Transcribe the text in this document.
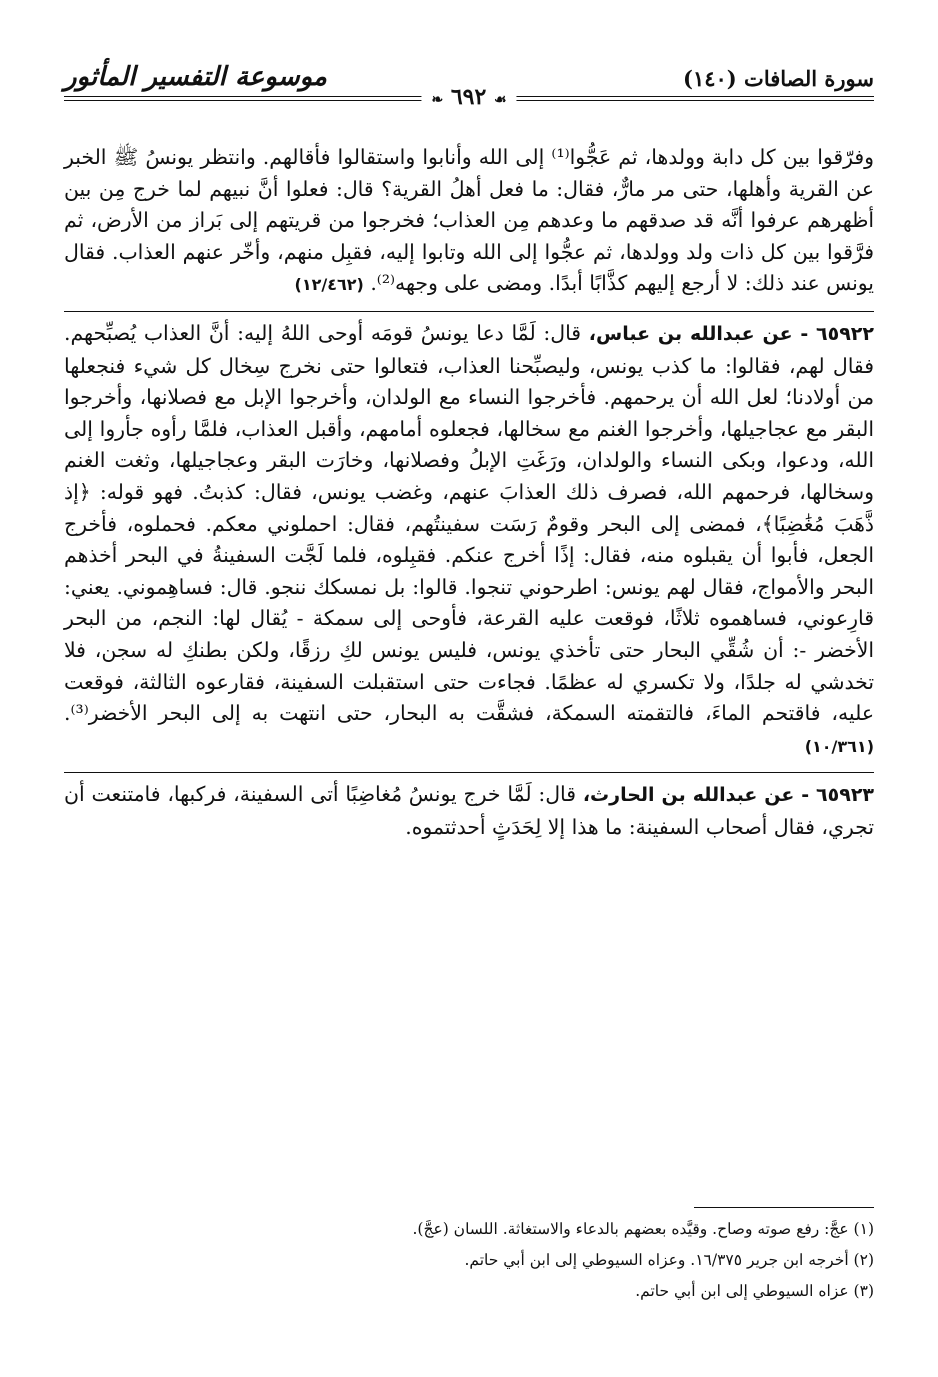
موسوعة التفسير المأثور	سورة الصافات (١٤٠)
☙ ٦٩٢ ❧

وفرّقوا بين كل دابة وولدها، ثم عَجُّوا⁽¹⁾ إلى الله وأنابوا واستقالوا فأقالهم. وانتظر يونسُ ﷺ الخبر عن القرية وأهلها، حتى مر مارٌّ، فقال: ما فعل أهلُ القرية؟ قال: فعلوا أنَّ نبيهم لما خرج مِن بين أظهرهم عرفوا أنَّه قد صدقهم ما وعدهم مِن العذاب؛ فخرجوا من قريتهم إلى بَراز من الأرض، ثم فرَّقوا بين كل ذات ولد وولدها، ثم عجُّوا إلى الله وتابوا إليه، فقبِل منهم، وأخّر عنهم العذاب. فقال يونس عند ذلك: لا أرجع إليهم كذَّابًا أبدًا. ومضى على وجهه⁽²⁾. (١٢/٤٦٢)

٦٥٩٢٢ - عن عبدالله بن عباس، قال: لَمَّا دعا يونسُ قومَه أوحى اللهُ إليه: أنَّ العذاب يُصبِّحهم. فقال لهم، فقالوا: ما كذب يونس، وليصبِّحنا العذاب، فتعالوا حتى نخرج سِخال كل شيء فنجعلها من أولادنا؛ لعل الله أن يرحمهم. فأخرجوا النساء مع الولدان، وأخرجوا الإبل مع فصلانها، وأخرجوا البقر مع عجاجيلها، وأخرجوا الغنم مع سخالها، فجعلوه أمامهم، وأقبل العذاب، فلمَّا رأوه جأروا إلى الله، ودعوا، وبكى النساء والولدان، ورَغَتِ الإبلُ وفصلانها، وخارَت البقر وعجاجيلها، وثغت الغنم وسخالها، فرحمهم الله، فصرف ذلك العذابَ عنهم، وغضب يونس، فقال: كذبتُ. فهو قوله: ﴿إذ ذَّهَبَ مُغَٰضِبًا﴾، فمضى إلى البحر وقومٌ رَسَت سفينتُهم، فقال: احملوني معكم. فحملوه، فأخرج الجعل، فأبوا أن يقبلوه منه، فقال: إذًا أخرج عنكم. فقبِلوه، فلما لَجَّت السفينةُ في البحر أخذهم البحر والأمواج، فقال لهم يونس: اطرحوني تنجوا. قالوا: بل نمسكك ننجو. قال: فساهِموني. يعني: قارِعوني، فساهموه ثلاثًا، فوقعت عليه القرعة، فأوحى إلى سمكة - يُقال لها: النجم، من البحر الأخضر -: أن شُقِّي البحار حتى تأخذي يونس، فليس يونس لكِ رزقًا، ولكن بطنكِ له سجن، فلا تخدشي له جلدًا، ولا تكسري له عظمًا. فجاءت حتى استقبلت السفينة، فقارعوه الثالثة، فوقعت عليه، فاقتحم الماءَ، فالتقمته السمكة، فشقَّت به البحار، حتى انتهت به إلى البحر الأخضر⁽³⁾. (١٠/٣٦١)

٦٥٩٢٣ - عن عبدالله بن الحارث، قال: لَمَّا خرج يونسُ مُغاضِبًا أتى السفينة، فركبها، فامتنعت أن تجري، فقال أصحاب السفينة: ما هذا إلا لِحَدَثٍ أحدثتموه.

(١) عجَّ: رفع صوته وصاح. وقيَّده بعضهم بالدعاء والاستغاثة. اللسان (عجَّ).

(٢) أخرجه ابن جرير ١٦/٣٧٥. وعزاه السيوطي إلى ابن أبي حاتم.

(٣) عزاه السيوطي إلى ابن أبي حاتم.
